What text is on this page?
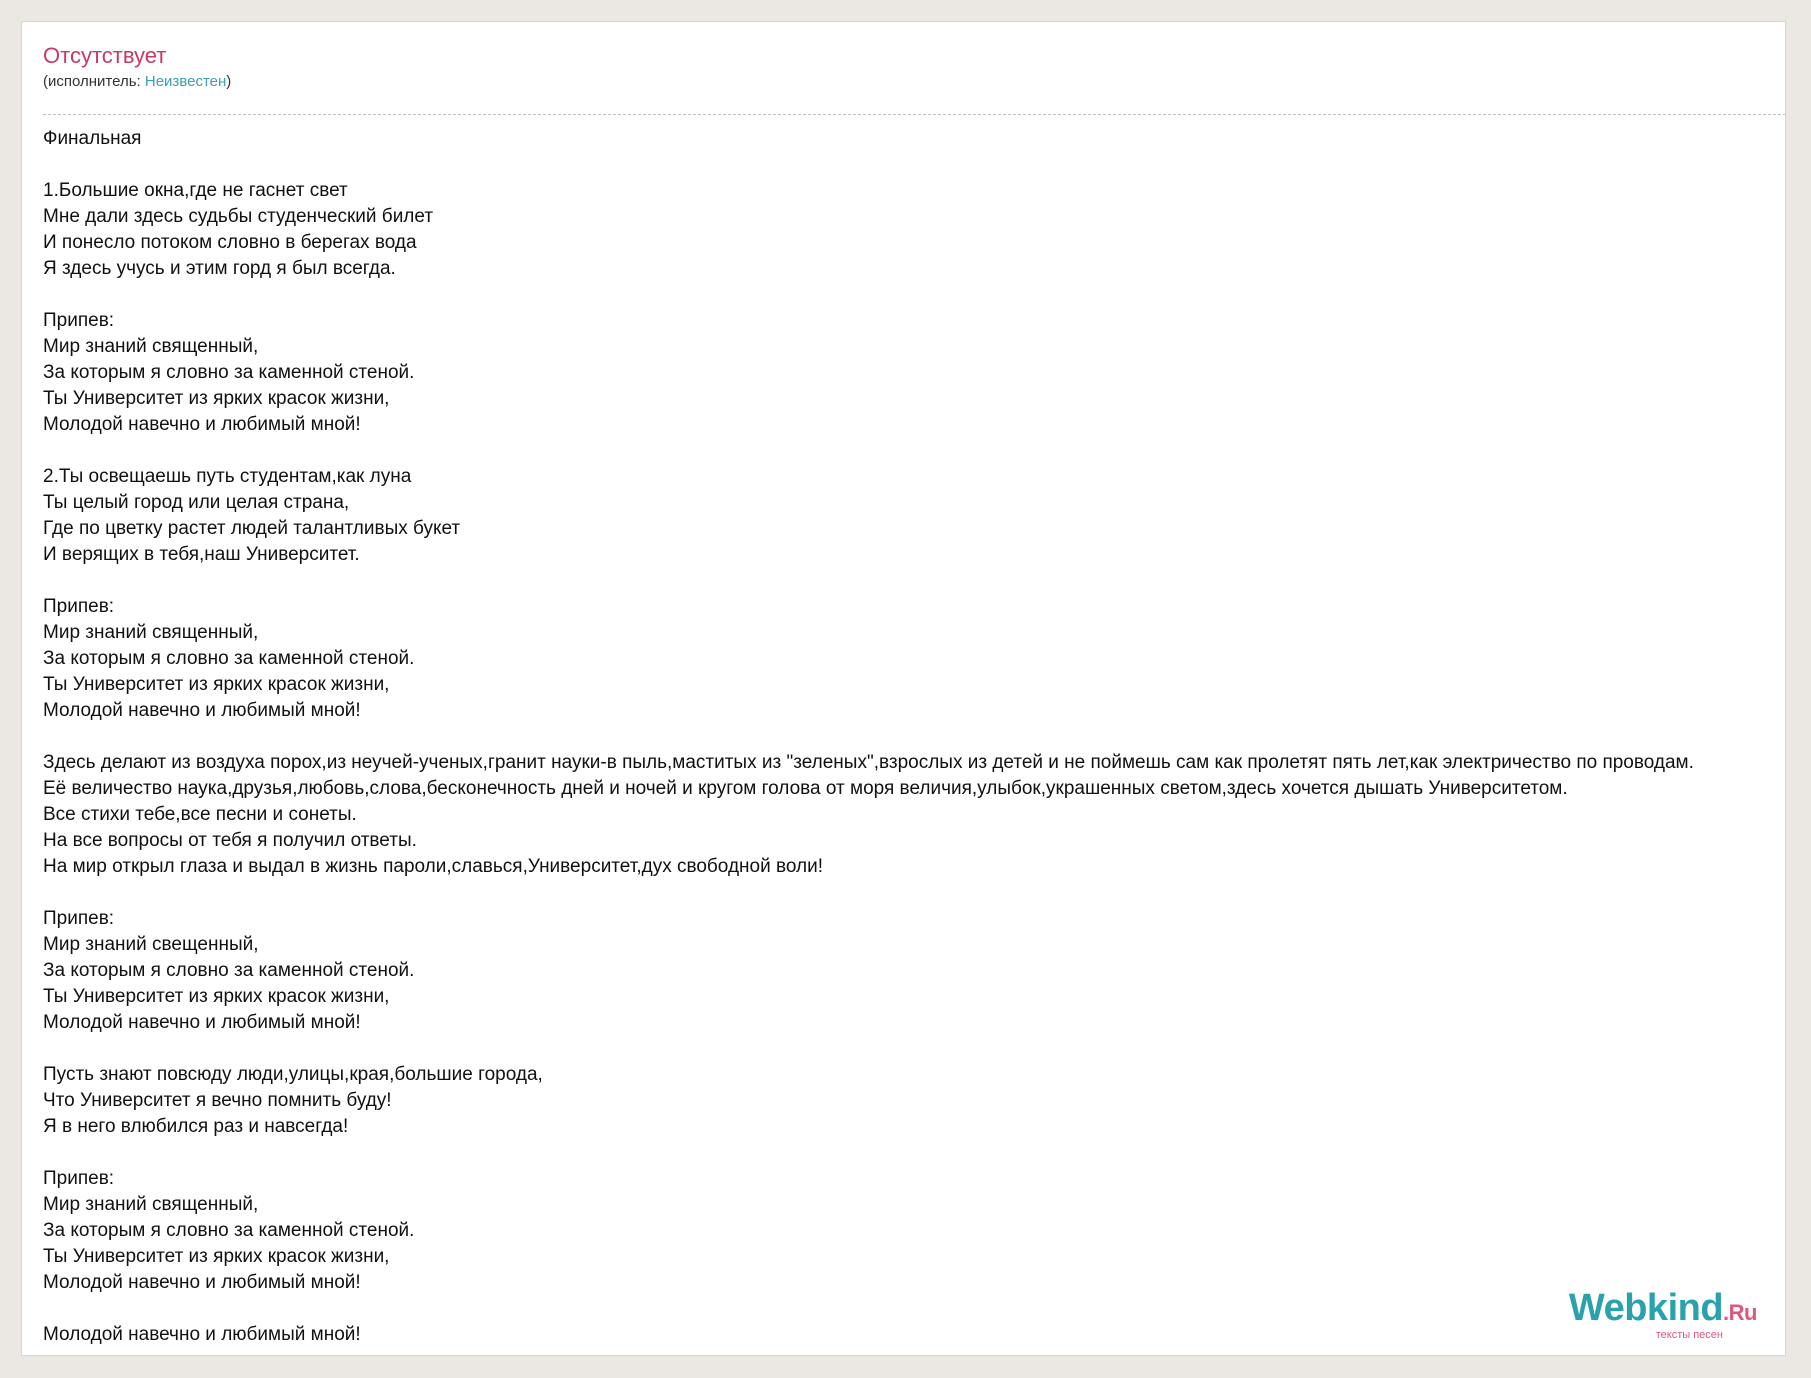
Отсутствует
(исполнитель: Неизвестен)
Финальная

1.Большие окна,где не гаснет свет
Мне дали здесь судьбы студенческий билет
И понесло потоком словно в берегах вода
Я здесь учусь и этим горд я был всегда.

Припев:
Мир знаний священный,
За которым я словно за каменной стеной.
Ты Университет из ярких красок жизни,
Молодой навечно и любимый мной!

2.Ты освещаешь путь студентам,как луна
Ты целый город или целая страна,
Где по цветку растет людей талантливых букет
И верящих в тебя,наш Университет.

Припев:
Мир знаний священный,
За которым я словно за каменной стеной.
Ты Университет из ярких красок жизни,
Молодой навечно и любимый мной!

Здесь делают из воздуха порох,из неучей-ученых,гранит науки-в пыль,маститых из "зеленых",взрослых из детей и не поймешь сам как пролетят пять лет,как электричество по проводам.
Её величество наука,друзья,любовь,слова,бесконечность дней и ночей и кругом голова от моря величия,улыбок,украшенных светом,здесь хочется дышать Университетом.
Все стихи тебе,все песни и сонеты.
На все вопросы от тебя я получил ответы.
На мир открыл глаза и выдал в жизнь пароли,славься,Университет,дух свободной воли!

Припев:
Мир знаний свещенный,
За которым я словно за каменной стеной.
Ты Университет из ярких красок жизни,
Молодой навечно и любимый мной!

Пусть знают повсюду люди,улицы,края,большие города,
Что Университет я вечно помнить буду!
Я в него влюбился раз и навсегда!

Припев:
Мир знаний священный,
За которым я словно за каменной стеной.
Ты Университет из ярких красок жизни,
Молодой навечно и любимый мной!

Молодой навечно и любимый мной!
Webkind.Ru
тексты песен
